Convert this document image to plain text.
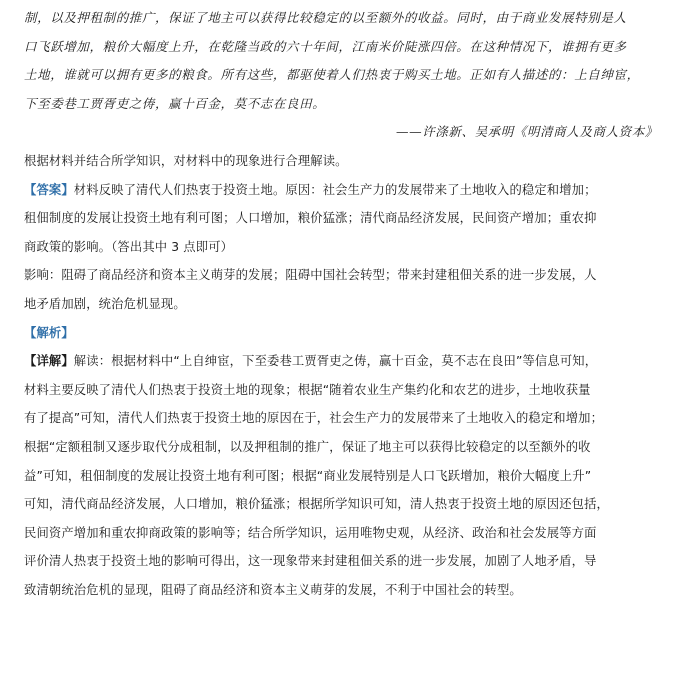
制，以及押租制的推广，保证了地主可以获得比较稳定的以至额外的收益。同时，由于商业发展特别是人
口飞跃增加，粮价大幅度上升，在乾隆当政的六十年间，江南米价陡涨四倍。在这种情况下，谁拥有更多
土地，谁就可以拥有更多的粮食。所有这些，都驱使着人们热衷于购买土地。正如有人描述的：上自绅宦，
下至委巷工贾胥吏之俦，赢十百金，莫不志在良田。
——许涤新、吴承明《明清商人及商人资本》
根据材料并结合所学知识，对材料中的现象进行合理解读。
【答案】材料反映了清代人们热衷于投资土地。原因：社会生产力的发展带来了土地收入的稳定和增加；
租佃制度的发展让投资土地有利可图；人口增加，粮价猛涨；清代商品经济发展，民间资产增加；重农抑
商政策的影响。（答出其中 3 点即可）
影响：阻碍了商品经济和资本主义萌芽的发展；阻碍中国社会转型；带来封建租佃关系的进一步发展，人
地矛盾加剧，统治危机显现。
【解析】
【详解】解读：根据材料中“上自绅宦，下至委巷工贾胥吏之俦，赢十百金，莫不志在良田”等信息可知，
材料主要反映了清代人们热衷于投资土地的现象；根据“随着农业生产集约化和农艺的进步，土地收获量
有了提高”可知，清代人们热衷于投资土地的原因在于，社会生产力的发展带来了土地收入的稳定和增加；
根据“定额租制又逐步取代分成租制，以及押租制的推广，保证了地主可以获得比较稳定的以至额外的收
益”可知，租佃制度的发展让投资土地有利可图；根据“商业发展特别是人口飞跃增加，粮价大幅度上升”
可知，清代商品经济发展，人口增加，粮价猛涨；根据所学知识可知，清人热衷于投资土地的原因还包括，
民间资产增加和重农抑商政策的影响等；结合所学知识，运用唯物史观，从经济、政治和社会发展等方面
评价清人热衷于投资土地的影响可得出，这一现象带来封建租佃关系的进一步发展，加剧了人地矛盾，导
致清朝统治危机的显现，阻碍了商品经济和资本主义萌芽的发展，不利于中国社会的转型。
